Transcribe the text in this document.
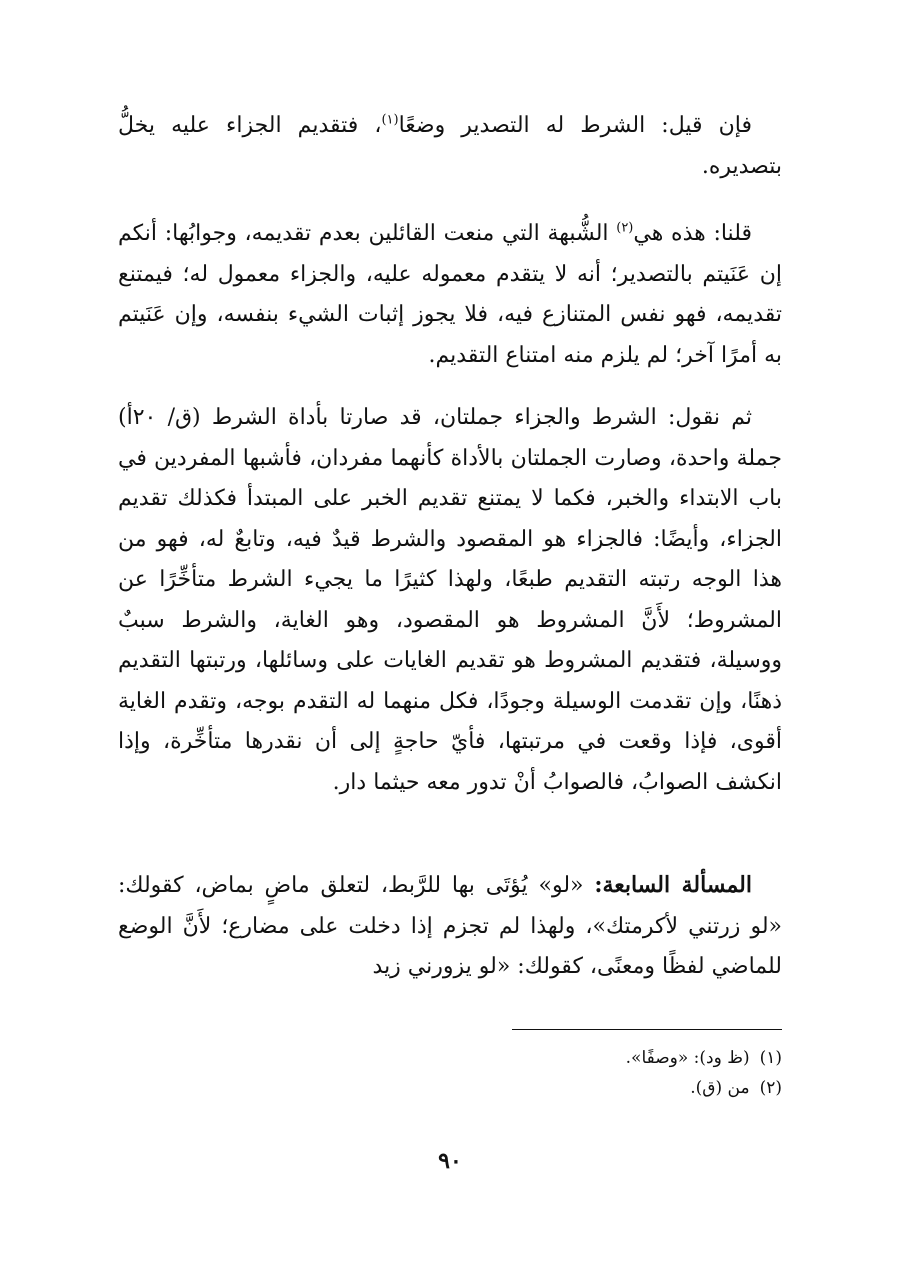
فإن قيل: الشرط له التصدير وضعًا$^{(١)}$، فتقديم الجزاء عليه يخلُّ بتصديره.

قلنا: هذه هي$^{(٢)}$ الشُّبهة التي منعت القائلين بعدم تقديمه، وجوابُها: أنكم إن عَنَيتم بالتصدير؛ أنه لا يتقدم معموله عليه، والجزاء معمول له؛ فيمتنع تقديمه، فهو نفس المتنازع فيه، فلا يجوز إثبات الشيء بنفسه، وإن عَنَيتم به أمرًا آخر؛ لم يلزم منه امتناع التقديم.

ثم نقول: الشرط والجزاء جملتان، قد صارتا بأداة الشرط (ق/ ٢٠أ) جملة واحدة، وصارت الجملتان بالأداة كأنهما مفردان، فأشبها المفردين في باب الابتداء والخبر، فكما لا يمتنع تقديم الخبر على المبتدأ فكذلك تقديم الجزاء، وأيضًا: فالجزاء هو المقصود والشرط قيدٌ فيه، وتابعٌ له، فهو من هذا الوجه رتبته التقديم طبعًا، ولهذا كثيرًا ما يجيء الشرط متأخِّرًا عن المشروط؛ لأَنَّ المشروط هو المقصود، وهو الغاية، والشرط سببٌ ووسيلة، فتقديم المشروط هو تقديم الغايات على وسائلها، ورتبتها التقديم ذهنًا، وإن تقدمت الوسيلة وجودًا، فكل منهما له التقدم بوجه، وتقدم الغاية أقوى، فإذا وقعت في مرتبتها، فأيّ حاجةٍ إلى أن نقدرها متأخِّرة، وإذا انكشف الصوابُ، فالصوابُ أنْ تدور معه حيثما دار.

المسألة السابعة: «لو» يُؤتَى بها للرَّبط، لتعلق ماضٍ بماض، كقولك: «لو زرتني لأكرمتك»، ولهذا لم تجزم إذا دخلت على مضارع؛ لأَنَّ الوضع للماضي لفظًا ومعنًى، كقولك: «لو يزورني زيد

(١)(ظ ود): «وصفًا».
(٢)من (ق).
٩٠
